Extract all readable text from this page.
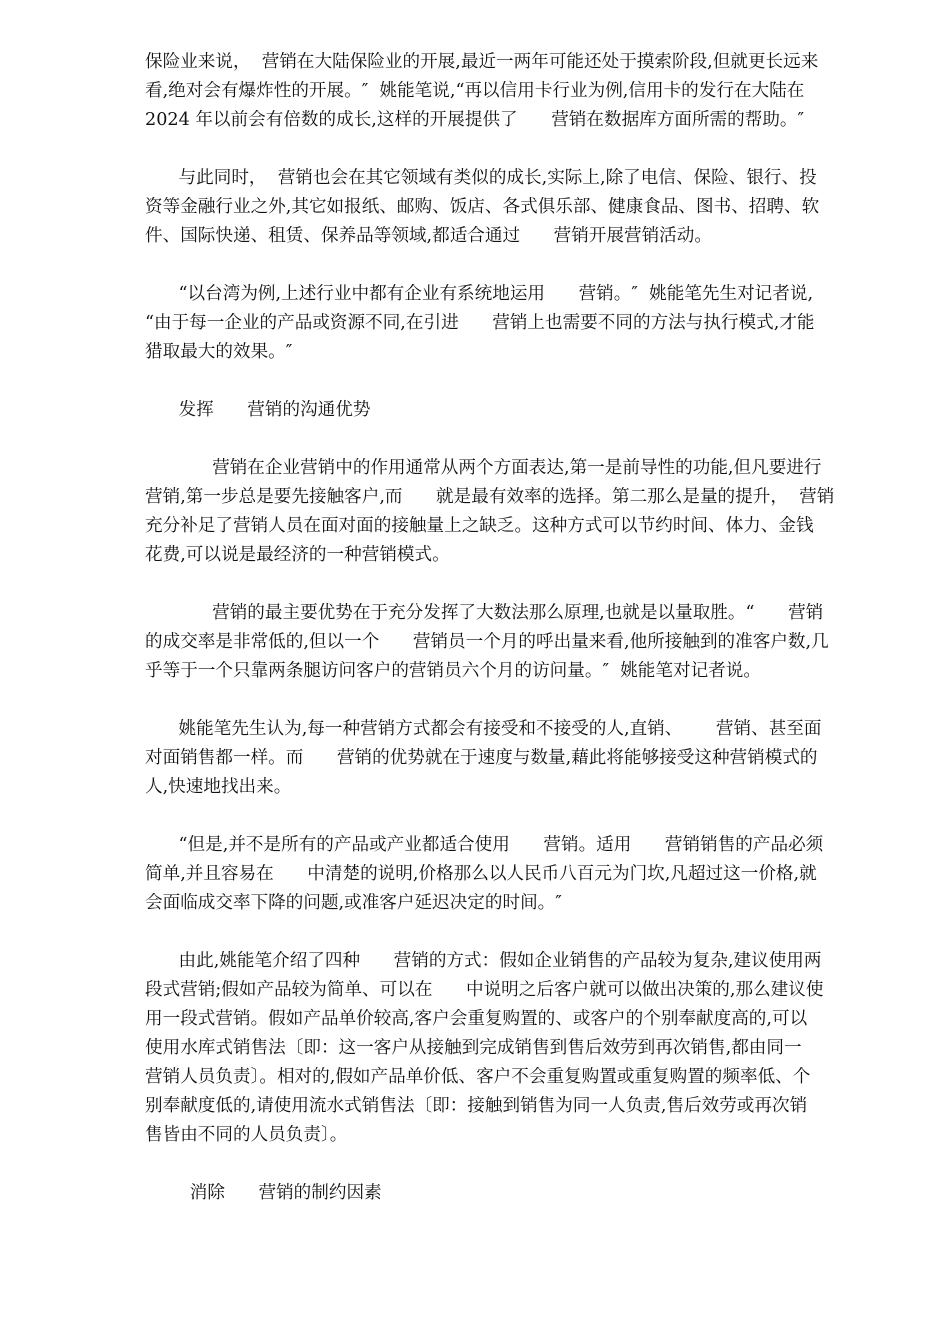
保险业来说，  营销在大陆保险业的开展,最近一两年可能还处于摸索阶段,但就更长远来
看,绝对会有爆炸性的开展。″  姚能笔说,“再以信用卡行业为例,信用卡的发行在大陆在
2024 年以前会有倍数的成长,这样的开展提供了      营销在数据库方面所需的帮助。″
与此同时，  营销也会在其它领域有类似的成长,实际上,除了电信、保险、银行、投
资等金融行业之外,其它如报纸、邮购、饭店、各式俱乐部、健康食品、图书、招聘、软
件、国际快递、租赁、保养品等领域,都适合通过      营销开展营销活动。
“以台湾为例,上述行业中都有企业有系统地运用      营销。″  姚能笔先生对记者说,
“由于每一企业的产品或资源不同,在引进      营销上也需要不同的方法与执行模式,才能
猎取最大的效果。″
发挥      营销的沟通优势
营销在企业营销中的作用通常从两个方面表达,第一是前导性的功能,但凡要进行
营销,第一步总是要先接触客户,而      就是最有效率的选择。第二那么是量的提升，  营销
充分补足了营销人员在面对面的接触量上之缺乏。这种方式可以节约时间、体力、金钱
花费,可以说是最经济的一种营销模式。
营销的最主要优势在于充分发挥了大数法那么原理,也就是以量取胜。“      营销
的成交率是非常低的,但以一个      营销员一个月的呼出量来看,他所接触到的准客户数,几
乎等于一个只靠两条腿访问客户的营销员六个月的访问量。″  姚能笔对记者说。
姚能笔先生认为,每一种营销方式都会有接受和不接受的人,直销、      营销、甚至面
对面销售都一样。而      营销的优势就在于速度与数量,藉此将能够接受这种营销模式的
人,快速地找出来。
“但是,并不是所有的产品或产业都适合使用      营销。适用      营销销售的产品必须
简单,并且容易在      中清楚的说明,价格那么以人民币八百元为门坎,凡超过这一价格,就
会面临成交率下降的问题,或准客户延迟决定的时间。″
由此,姚能笔介绍了四种      营销的方式：假如企业销售的产品较为复杂,建议使用两
段式营销;假如产品较为简单、可以在      中说明之后客户就可以做出决策的,那么建议使
用一段式营销。假如产品单价较高,客户会重复购置的、或客户的个别奉献度高的,可以
使用水库式销售法〔即：这一客户从接触到完成销售到售后效劳到再次销售,都由同一
营销人员负责〕。相对的,假如产品单价低、客户不会重复购置或重复购置的频率低、个
别奉献度低的,请使用流水式销售法〔即：接触到销售为同一人负责,售后效劳或再次销
售皆由不同的人员负责〕。
消除      营销的制约因素
